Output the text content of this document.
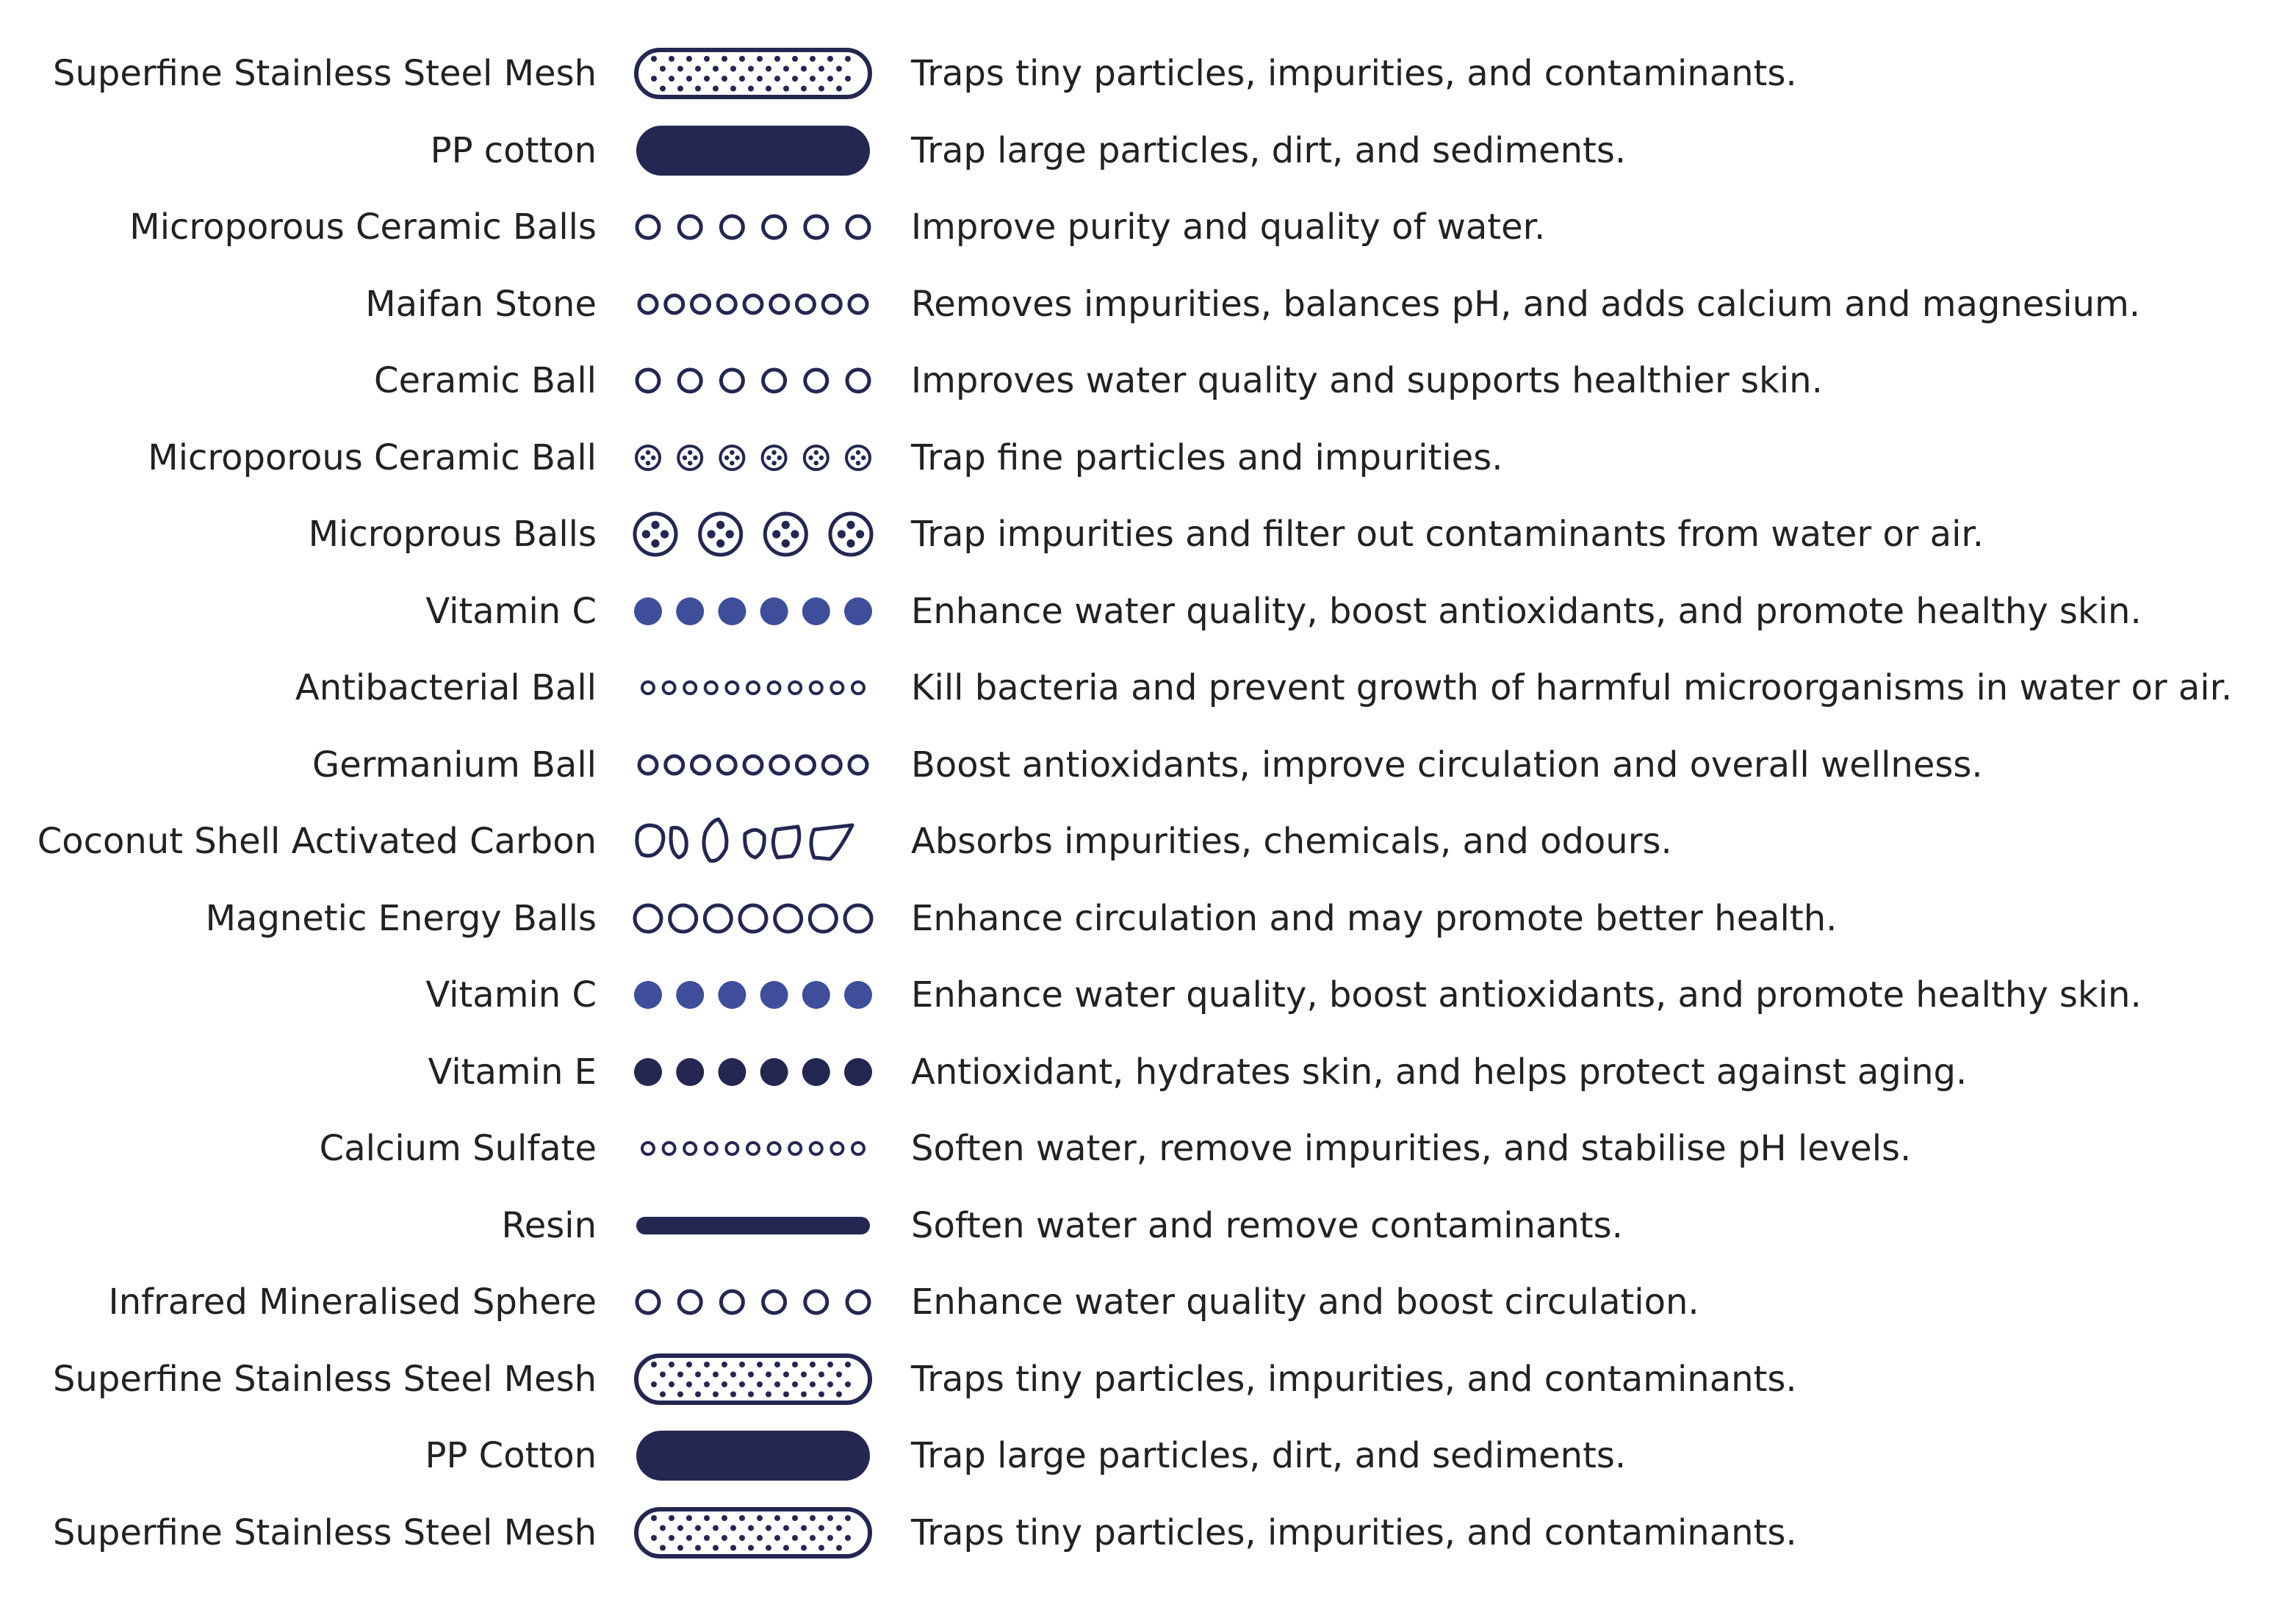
Superfine Stainless Steel Mesh	Traps tiny particles, impurities, and contaminants.
PP cotton	Trap large particles, dirt, and sediments.
Microporous Ceramic Balls	Improve purity and quality of water.
Maifan Stone	Removes impurities, balances pH, and adds calcium and magnesium.
Ceramic Ball	Improves water quality and supports healthier skin.
Microporous Ceramic Ball	Trap fine particles and impurities.
Microprous Balls	Trap impurities and filter out contaminants from water or air.
Vitamin C	Enhance water quality, boost antioxidants, and promote healthy skin.
Antibacterial Ball	Kill bacteria and prevent growth of harmful microorganisms in water or air.
Germanium Ball	Boost antioxidants, improve circulation and overall wellness.
Coconut Shell Activated Carbon	Absorbs impurities, chemicals, and odours.
Magnetic Energy Balls	Enhance circulation and may promote better health.
Vitamin C	Enhance water quality, boost antioxidants, and promote healthy skin.
Vitamin E	Antioxidant, hydrates skin, and helps protect against aging.
Calcium Sulfate	Soften water, remove impurities, and stabilise pH levels.
Resin	Soften water and remove contaminants.
Infrared Mineralised Sphere	Enhance water quality and boost circulation.
Superfine Stainless Steel Mesh	Traps tiny particles, impurities, and contaminants.
PP Cotton	Trap large particles, dirt, and sediments.
Superfine Stainless Steel Mesh	Traps tiny particles, impurities, and contaminants.
